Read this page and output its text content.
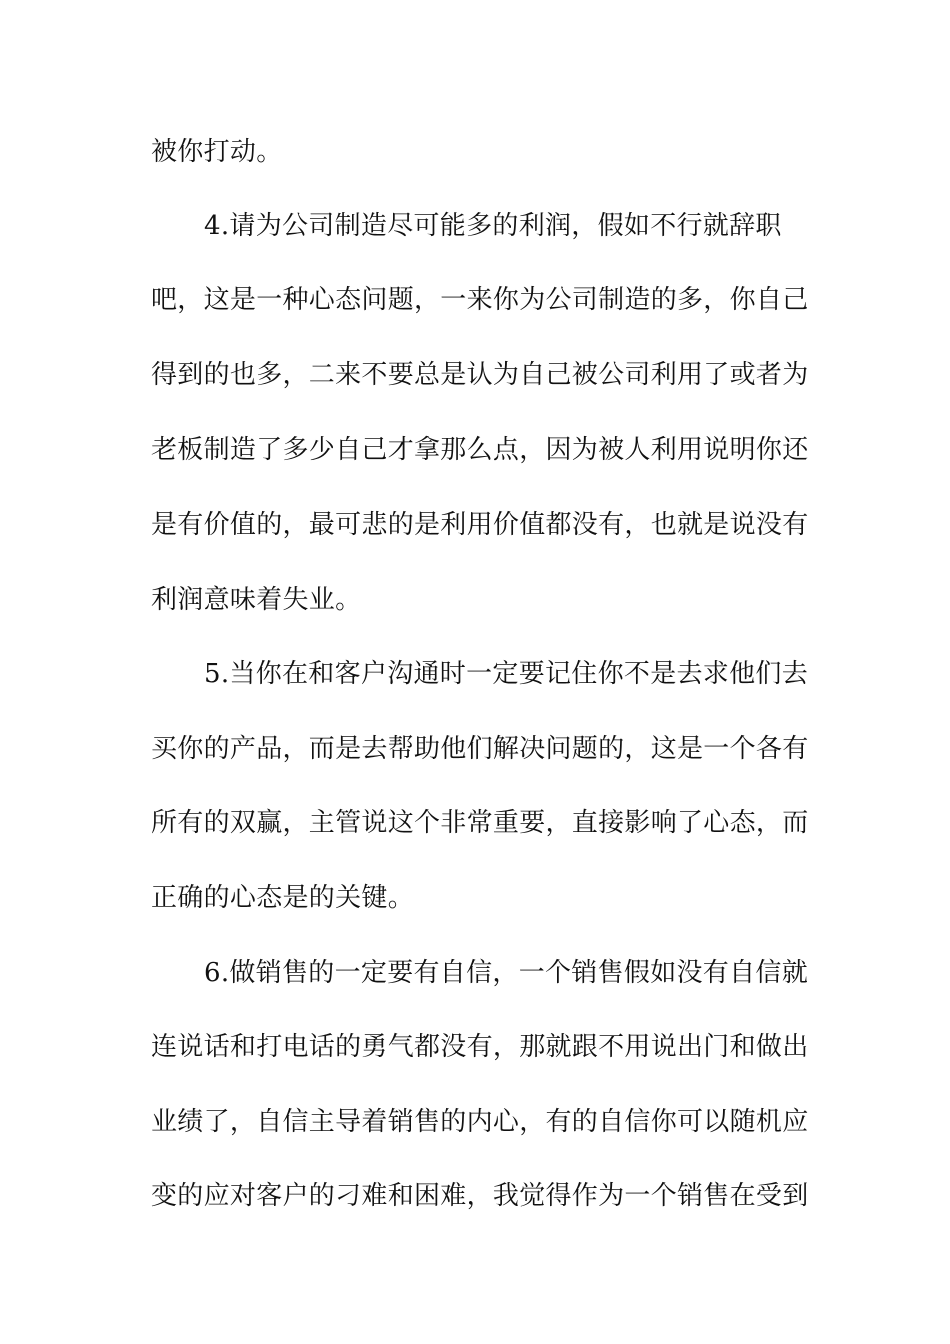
被你打动。
4.请为公司制造尽可能多的利润，假如不行就辞职
吧，这是一种心态问题，一来你为公司制造的多，你自己
得到的也多，二来不要总是认为自己被公司利用了或者为
老板制造了多少自己才拿那么点，因为被人利用说明你还
是有价值的，最可悲的是利用价值都没有，也就是说没有
利润意味着失业。
5.当你在和客户沟通时一定要记住你不是去求他们去
买你的产品，而是去帮助他们解决问题的，这是一个各有
所有的双赢，主管说这个非常重要，直接影响了心态，而
正确的心态是的关键。
6.做销售的一定要有自信，一个销售假如没有自信就
连说话和打电话的勇气都没有，那就跟不用说出门和做出
业绩了，自信主导着销售的内心，有的自信你可以随机应
变的应对客户的刁难和困难，我觉得作为一个销售在受到
